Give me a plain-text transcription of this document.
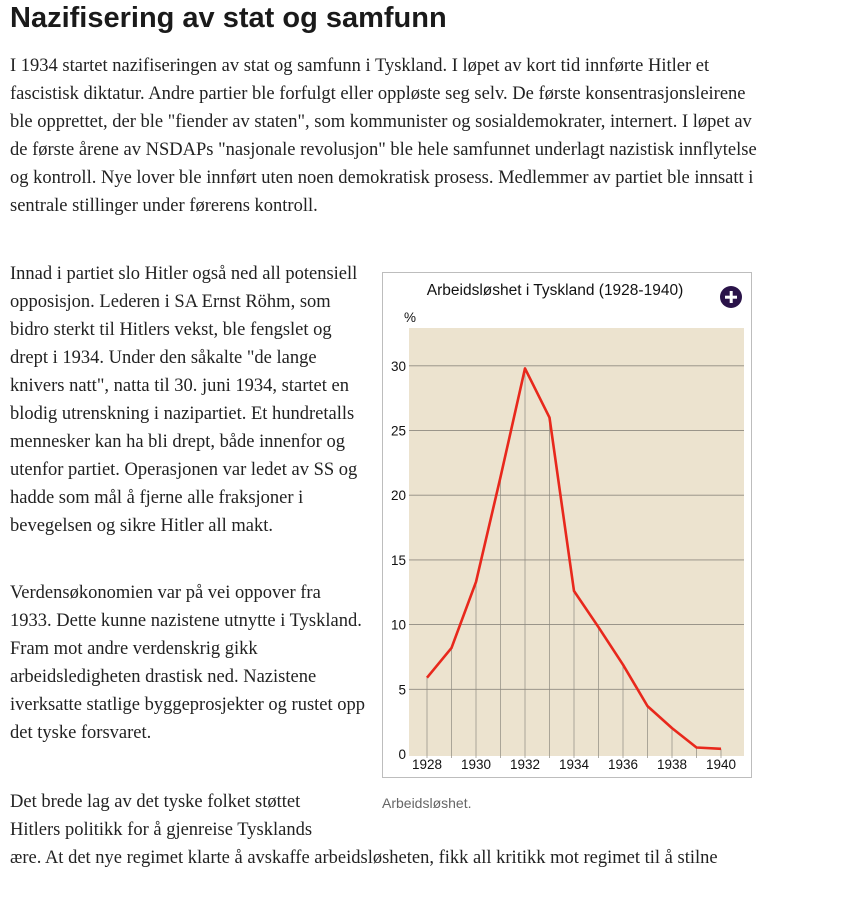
Nazifisering av stat og samfunn

I 1934 startet nazifiseringen av stat og samfunn i Tyskland. I løpet av kort tid innførte Hitler et fascistisk diktatur. Andre partier ble forfulgt eller oppløste seg selv. De første konsentrasjonsleirene ble opprettet, der ble "fiender av staten", som kommunister og sosialdemokrater, internert. I løpet av de første årene av NSDAPs "nasjonale revolusjon" ble hele samfunnet underlagt nazistisk innflytelse og kontroll. Nye lover ble innført uten noen demokratisk prosess. Medlemmer av partiet ble innsatt i sentrale stillinger under førerens kontroll.

Innad i partiet slo Hitler også ned all potensiell opposisjon. Lederen i SA Ernst Röhm, som bidro sterkt til Hitlers vekst, ble fengslet og drept i 1934. Under den såkalte "de lange knivers natt", natta til 30. juni 1934, startet en blodig utrenskning i nazipartiet. Et hundretalls mennesker kan ha bli drept, både innenfor og utenfor partiet. Operasjonen var ledet av SS og hadde som mål å fjerne alle fraksjoner i bevegelsen og sikre Hitler all makt.

Verdensøkonomien var på vei oppover fra 1933. Dette kunne nazistene utnytte i Tyskland. Fram mot andre verdenskrig gikk arbeidsledigheten drastisk ned. Nazistene iverksatte statlige byggeprosjekter og rustet opp det tyske forsvaret.

Det brede lag av det tyske folket støttet Hitlers politikk for å gjenreise Tysklands
ære. At det nye regimet klarte å avskaffe arbeidsløsheten, fikk all kritikk mot regimet til å stilne

0
5
10
15
20
25
30
1928 1930 1932 1934 1936 1938 1940
Arbeidsløshet i Tyskland (1928-1940)
%
Arbeidsløshet.
